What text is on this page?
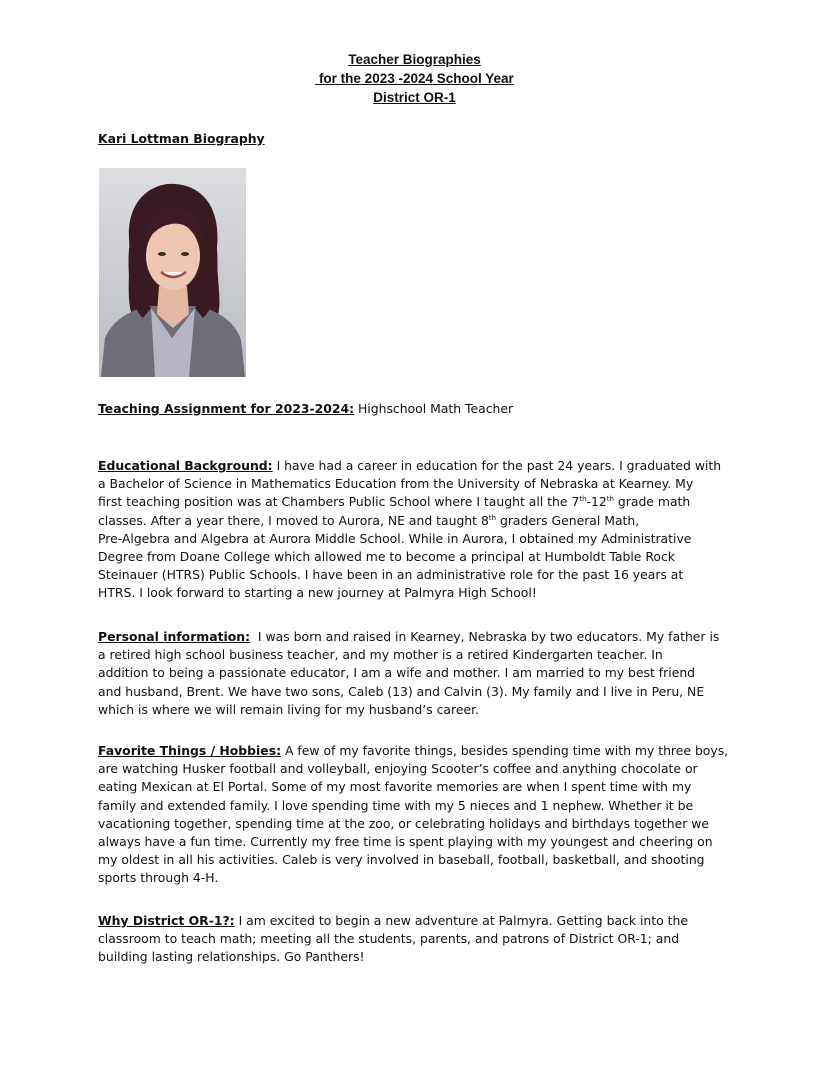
Teacher Biographies
for the 2023 -2024 School Year
District OR-1
Kari Lottman Biography
Teaching Assignment for 2023-2024: Highschool Math Teacher

Educational Background: I have had a career in education for the past 24 years. I graduated with
a Bachelor of Science in Mathematics Education from the University of Nebraska at Kearney. My
first teaching position was at Chambers Public School where I taught all the 7th-12th grade math
classes. After a year there, I moved to Aurora, NE and taught 8th graders General Math,
Pre-Algebra and Algebra at Aurora Middle School. While in Aurora, I obtained my Administrative
Degree from Doane College which allowed me to become a principal at Humboldt Table Rock
Steinauer (HTRS) Public Schools. I have been in an administrative role for the past 16 years at
HTRS. I look forward to starting a new journey at Palmyra High School!

Personal information:  I was born and raised in Kearney, Nebraska by two educators. My father is
a retired high school business teacher, and my mother is a retired Kindergarten teacher. In
addition to being a passionate educator, I am a wife and mother. I am married to my best friend
and husband, Brent. We have two sons, Caleb (13) and Calvin (3). My family and I live in Peru, NE
which is where we will remain living for my husband’s career.

Favorite Things / Hobbies: A few of my favorite things, besides spending time with my three boys,
are watching Husker football and volleyball, enjoying Scooter’s coffee and anything chocolate or
eating Mexican at El Portal. Some of my most favorite memories are when I spent time with my
family and extended family. I love spending time with my 5 nieces and 1 nephew. Whether it be
vacationing together, spending time at the zoo, or celebrating holidays and birthdays together we
always have a fun time. Currently my free time is spent playing with my youngest and cheering on
my oldest in all his activities. Caleb is very involved in baseball, football, basketball, and shooting
sports through 4-H.

Why District OR-1?: I am excited to begin a new adventure at Palmyra. Getting back into the
classroom to teach math; meeting all the students, parents, and patrons of District OR-1; and
building lasting relationships. Go Panthers!
